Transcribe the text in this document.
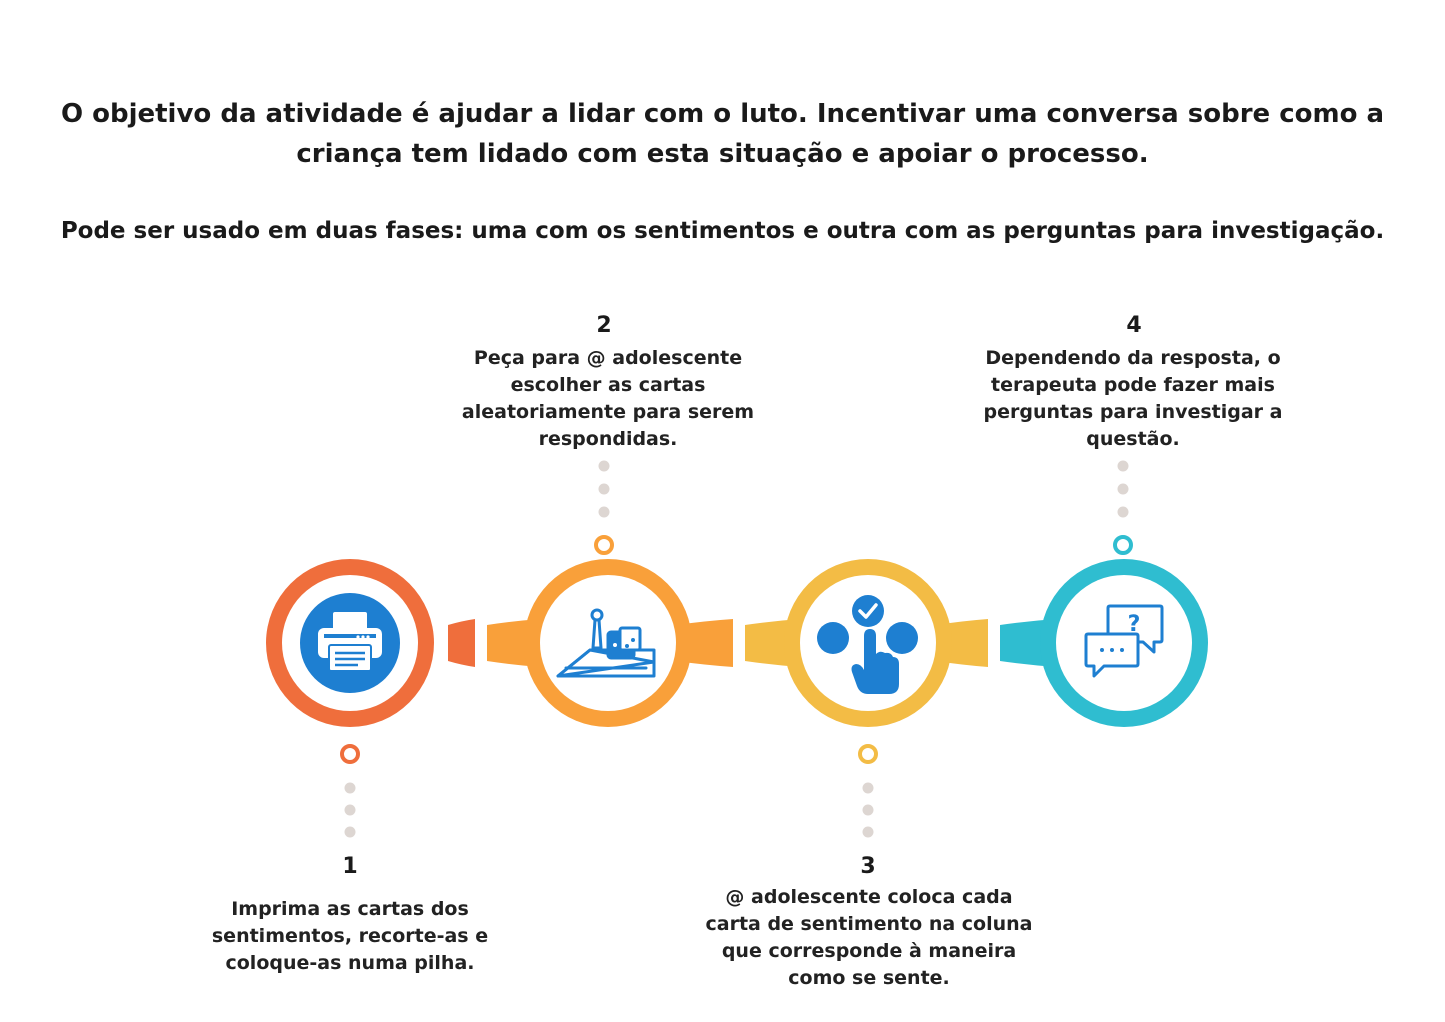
O objetivo da atividade é ajudar a lidar com o luto. Incentivar uma conversa sobre como a criança tem lidado com esta situação e apoiar o processo.

Pode ser usado em duas fases: uma com os sentimentos e outra com as perguntas para investigação.

?
1

Imprima as cartas dos sentimentos, recorte-as e coloque-as numa pilha.

2

Peça para @ adolescente escolher as cartas aleatoriamente para serem respondidas.

3

@ adolescente coloca cada carta de sentimento na coluna que corresponde à maneira como se sente.

4

Dependendo da resposta, o terapeuta pode fazer mais perguntas para investigar a questão.
